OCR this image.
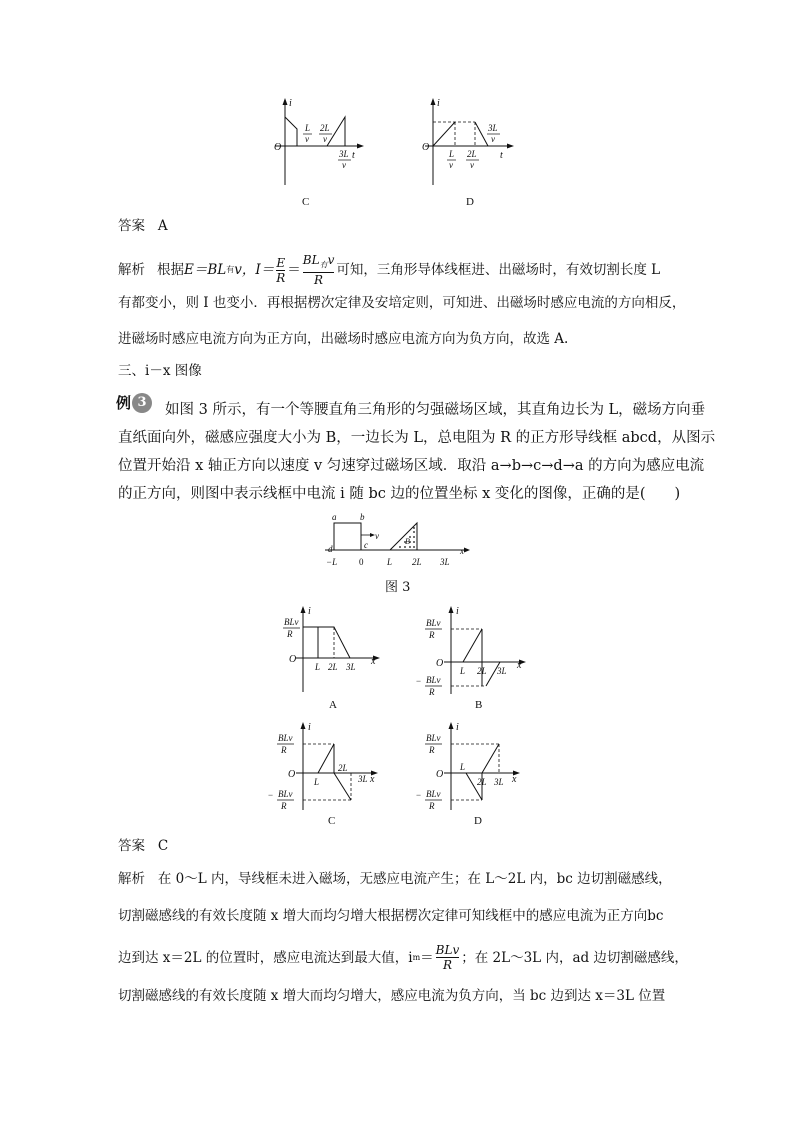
i
O
L
v
2L
v
3L
v
t
C
i
O
L
v
2L
v
3L
v
t
D
答案 A
解析 根据 E＝BL 有 v， $I= \frac{E}{R}$ ＝
$BL_有v$
R
可知，三角形导体线框进、出磁场时，有效切割长度 L
有都变小，则 I 也变小．再根据楞次定律及安培定则，可知进、出磁场时感应电流的方向相反，
进磁场时感应电流方向为正方向，出磁场时感应电流方向为负方向，故选 A.
三、i－x 图像
例 3	如图 3 所示，有一个等腰直角三角形的匀强磁场区域，其直角边长为 L，磁场方向垂
直纸面向外，磁感应强度大小为 B，一边长为 L，总电阻为 R 的正方形导线框 abcd，从图示
位置开始沿 x 轴正方向以速度 v 匀速穿过磁场区域．取沿 a→b→c→d→a 的方向为感应电流
的正方向，则图中表示线框中电流 i 随 bc 边的位置坐标 x 变化的图像，正确的是(　　)
a	b
c
d
v
B
x
−L 0	L 2L 3L
图 3
i
BLv
R
O
L 2L 3L x
A
i
BLv
R
O
L 2L 3L x
− BLv
R
B
i
BLv
R
O
L
2L
3L x
− BLv
R
C
i
BLv
R
O
L
2L 3L x
− BLv
R
D
答案 C
解析 在 0～L 内，导线框未进入磁场，无感应电流产生；在 L～2L 内，bc 边切割磁感线，
切割磁感线的有效长度随 x 增大而均匀增大根据楞次定律可知线框中的感应电流为正方向bc
边到达 x＝2L 的位置时，感应电流达到最大值，i m ＝ BLv
R ；在 2L～3L 内，ad 边切割磁感线，
切割磁感线的有效长度随 x 增大而均匀增大，感应电流为负方向，当 bc 边到达 x＝3L 位置
